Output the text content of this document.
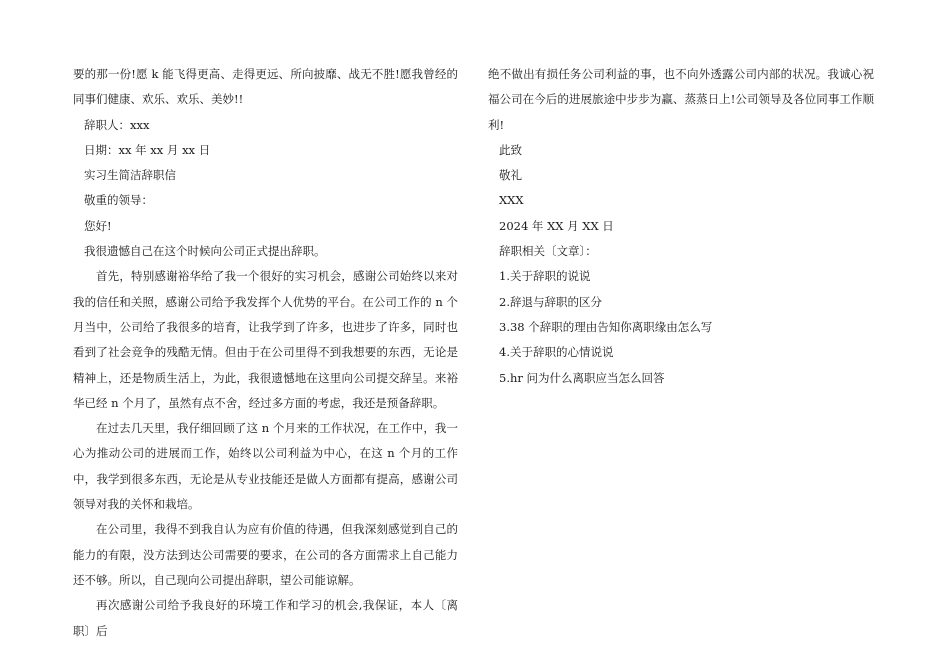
要的那一份!愿 k 能飞得更高、走得更远、所向披靡、战无不胜!愿我曾经的同事们健康、欢乐、欢乐、美妙!!

辞职人：xxx

日期：xx 年 xx 月 xx 日

实习生简洁辞职信

敬重的领导：

您好!

我很遗憾自己在这个时候向公司正式提出辞职。

首先，特别感谢裕华给了我一个很好的实习机会，感谢公司始终以来对我的信任和关照，感谢公司给予我发挥个人优势的平台。在公司工作的 n 个月当中，公司给了我很多的培育，让我学到了许多，也进步了许多，同时也看到了社会竞争的残酷无情。但由于在公司里得不到我想要的东西，无论是精神上，还是物质生活上，为此，我很遗憾地在这里向公司提交辞呈。来裕华已经 n 个月了，虽然有点不舍，经过多方面的考虑，我还是预备辞职。

在过去几天里，我仔细回顾了这 n 个月来的工作状况，在工作中，我一心为推动公司的进展而工作，始终以公司利益为中心，在这 n 个月的工作中，我学到很多东西，无论是从专业技能还是做人方面都有提高，感谢公司领导对我的关怀和栽培。

在公司里，我得不到我自认为应有价值的待遇，但我深刻感觉到自己的能力的有限，没方法到达公司需要的要求，在公司的各方面需求上自己能力还不够。所以，自己现向公司提出辞职，望公司能谅解。

再次感谢公司给予我良好的环境工作和学习的机会,我保证，本人〔离职〕后

绝不做出有损任务公司利益的事，也不向外透露公司内部的状况。我诚心祝福公司在今后的进展旅途中步步为赢、蒸蒸日上!公司领导及各位同事工作顺利!

此致

敬礼

XXX

2024 年 XX 月 XX 日

辞职相关〔文章〕：

1.关于辞职的说说

2.辞退与辞职的区分

3.38 个辞职的理由告知你离职缘由怎么写

4.关于辞职的心情说说

5.hr 问为什么离职应当怎么回答
